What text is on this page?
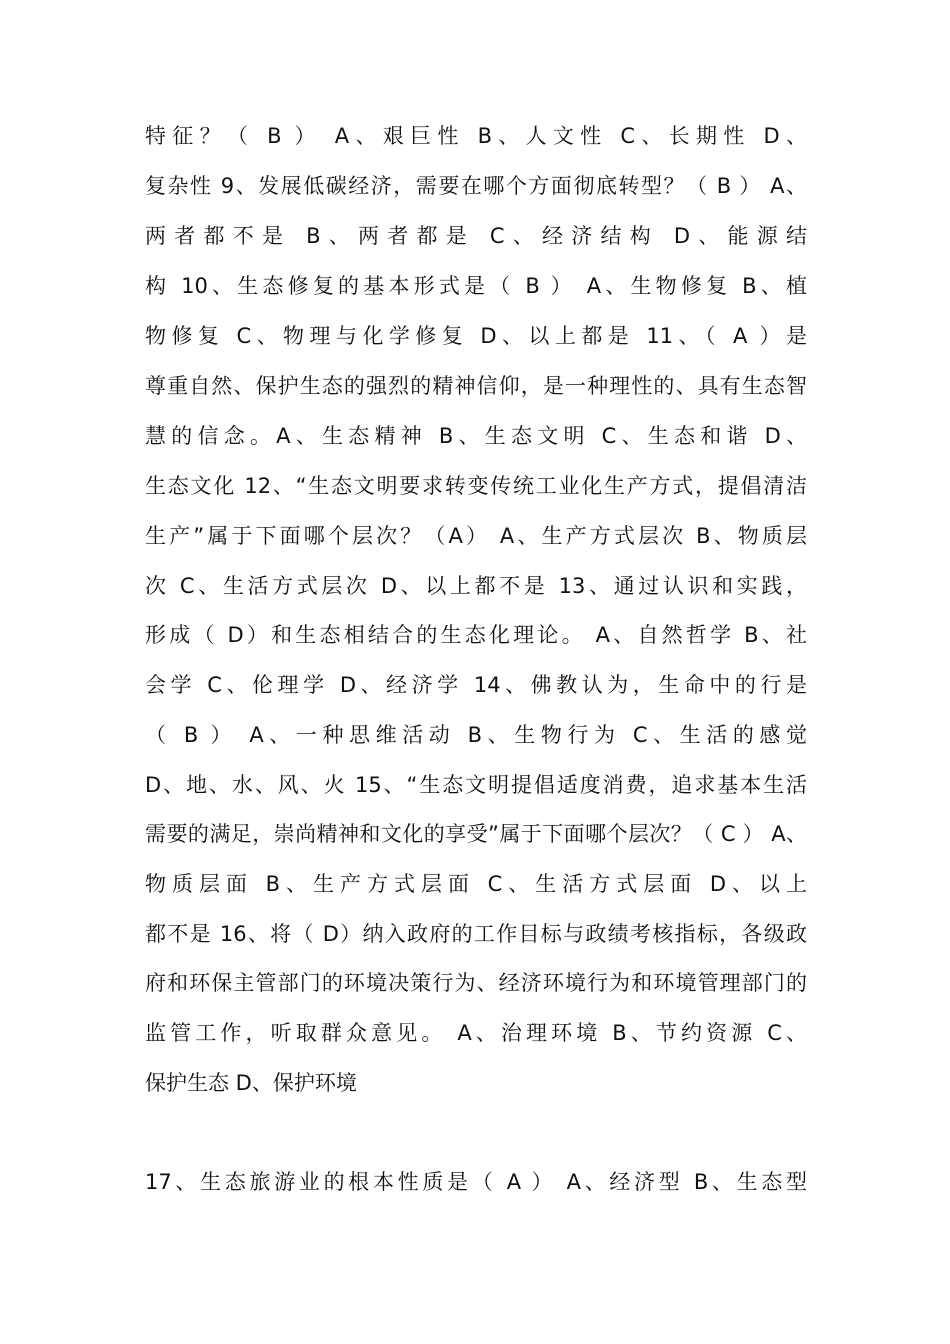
特征？（ B ） A、艰巨性 B、人文性 C、长期性 D、
复杂性 9、发展低碳经济，需要在哪个方面彻底转型？（ B ） A、
两者都不是 B、两者都是 C、经济结构 D、能源结
构 10、生态修复的基本形式是（ B ） A、生物修复 B、植
物修复 C、物理与化学修复 D、以上都是 11、（ A ）是
尊重自然、保护生态的强烈的精神信仰，是一种理性的、具有生态智
慧的信念。A、生态精神 B、生态文明 C、生态和谐 D、
生态文化 12、“生态文明要求转变传统工业化生产方式，提倡清洁
生产”属于下面哪个层次？（A） A、生产方式层次 B、物质层
次 C、生活方式层次 D、以上都不是 13、通过认识和实践，
形成（ D）和生态相结合的生态化理论。 A、自然哲学 B、社
会学 C、伦理学 D、经济学 14、佛教认为，生命中的行是
（ B ） A、一种思维活动 B、生物行为 C、生活的感觉
D、地、水、风、火 15、“生态文明提倡适度消费，追求基本生活
需要的满足，崇尚精神和文化的享受”属于下面哪个层次？（ C ） A、
物质层面 B、生产方式层面 C、生活方式层面 D、以上
都不是 16、将（ D）纳入政府的工作目标与政绩考核指标，各级政
府和环保主管部门的环境决策行为、经济环境行为和环境管理部门的
监管工作，听取群众意见。 A、治理环境 B、节约资源 C、
保护生态 D、保护环境
17、生态旅游业的根本性质是（ A ） A、经济型 B、生态型
